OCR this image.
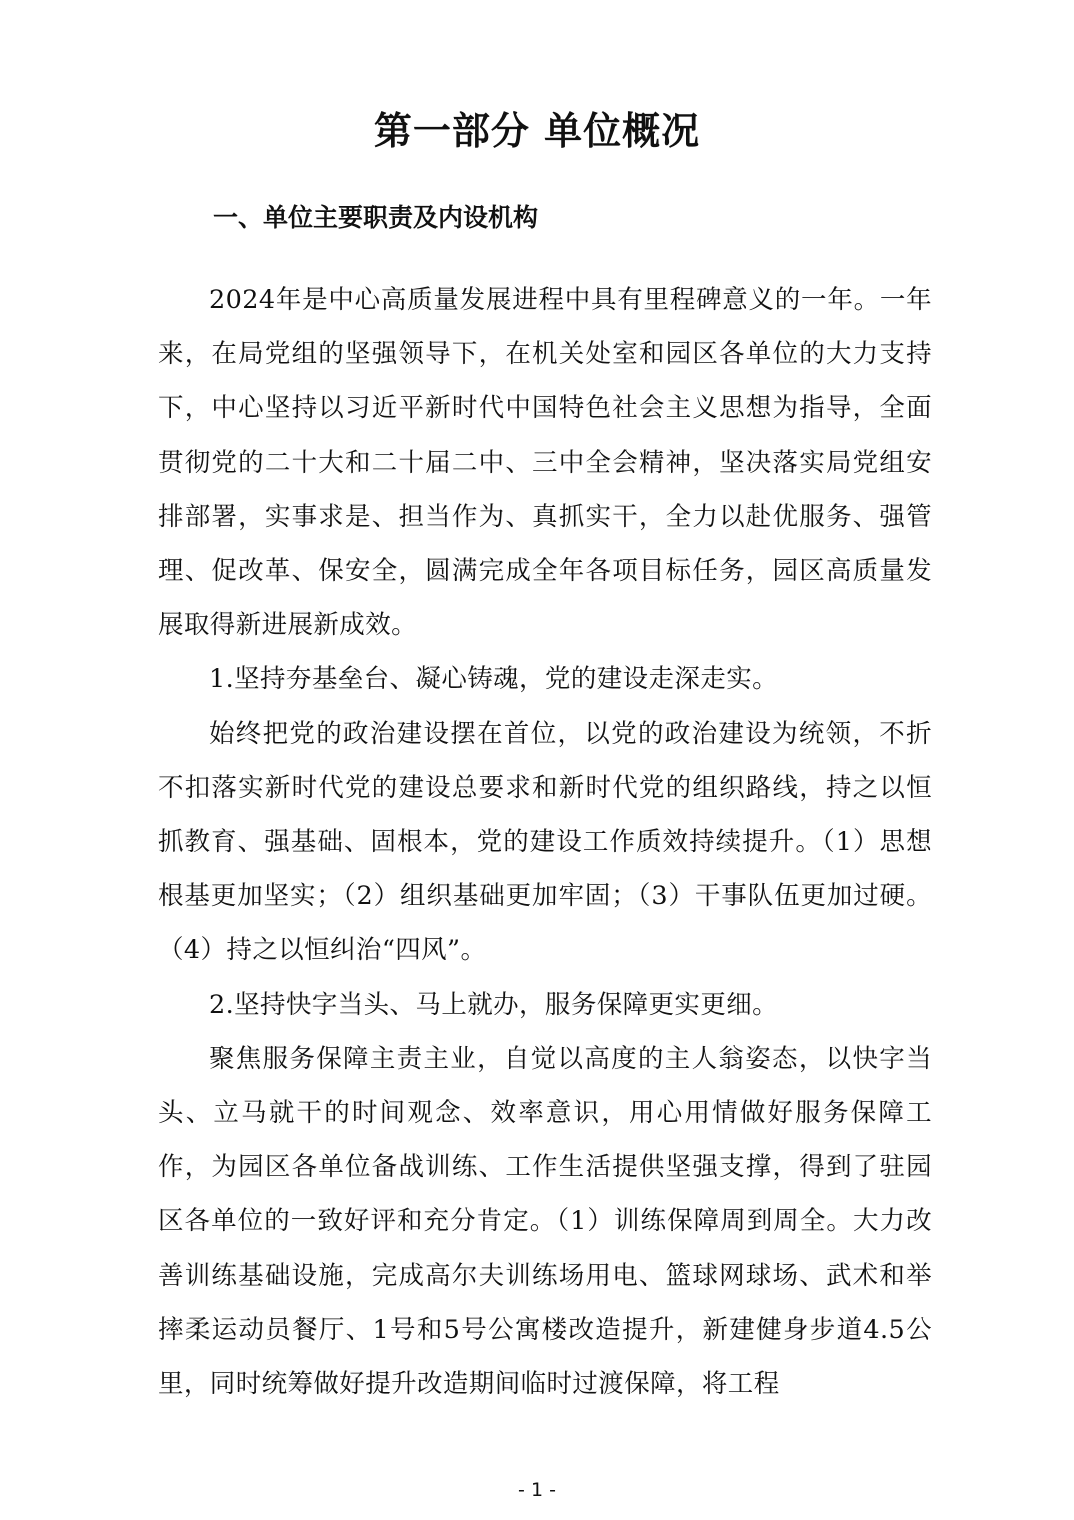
第一部分 单位概况
一、单位主要职责及内设机构

2024年是中心高质量发展进程中具有里程碑意义的一年。一年来，在局党组的坚强领导下，在机关处室和园区各单位的大力支持下，中心坚持以习近平新时代中国特色社会主义思想为指导，全面贯彻党的二十大和二十届二中、三中全会精神，坚决落实局党组安排部署，实事求是、担当作为、真抓实干，全力以赴优服务、强管理、促改革、保安全，圆满完成全年各项目标任务，园区高质量发展取得新进展新成效。

1.坚持夯基垒台、凝心铸魂，党的建设走深走实。

始终把党的政治建设摆在首位，以党的政治建设为统领，不折不扣落实新时代党的建设总要求和新时代党的组织路线，持之以恒抓教育、强基础、固根本，党的建设工作质效持续提升。（1）思想根基更加坚实；（2）组织基础更加牢固；（3）干事队伍更加过硬。（4）持之以恒纠治“四风”。

2.坚持快字当头、马上就办，服务保障更实更细。

聚焦服务保障主责主业，自觉以高度的主人翁姿态，以快字当头、立马就干的时间观念、效率意识，用心用情做好服务保障工作，为园区各单位备战训练、工作生活提供坚强支撑，得到了驻园区各单位的一致好评和充分肯定。（1）训练保障周到周全。大力改善训练基础设施，完成高尔夫训练场用电、篮球网球场、武术和举摔柔运动员餐厅、1号和5号公寓楼改造提升，新建健身步道4.5公里，同时统筹做好提升改造期间临时过渡保障，将工程

- 1 -
